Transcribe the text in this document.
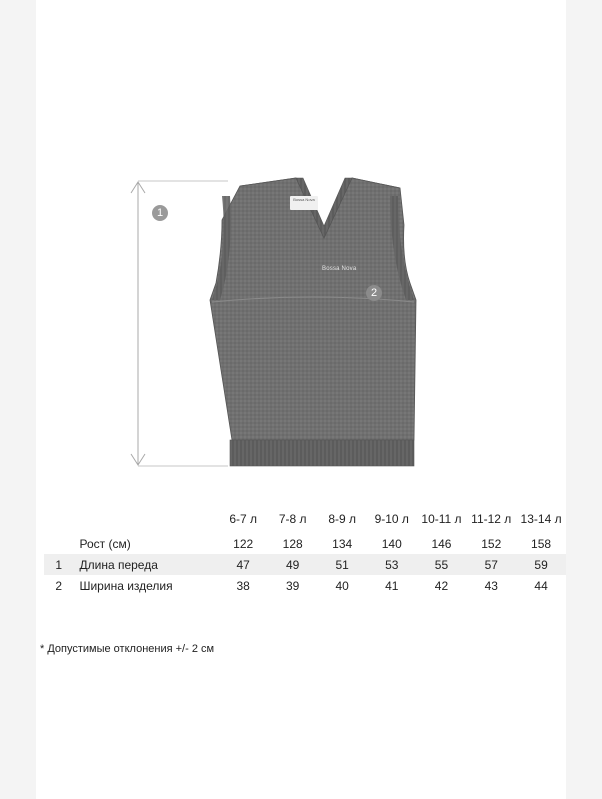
Bossa Nova
Bossa Nova
1
2
		6-7 л	7-8 л	8-9 л	9-10 л	10-11 л	11-12 л	13-14 л
	Рост (см)	122	128	134	140	146	152	158
1	Длина переда	47	49	51	53	55	57	59
2	Ширина изделия	38	39	40	41	42	43	44
* Допустимые отклонения +/- 2 см
